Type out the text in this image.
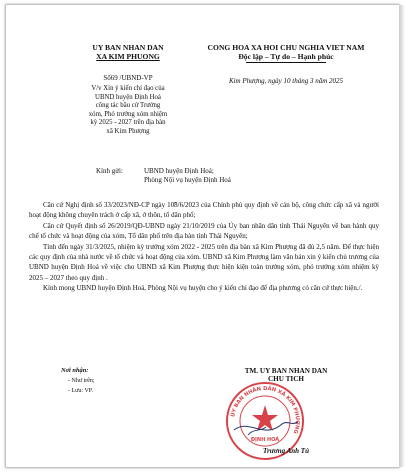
UY BAN NHAN DAN
XA KIM PHUONG
CONG HOA XA HOI CHU NGHIA VIET NAM
Độc lập – Tự do – Hạnh phúc
Số69 /UBND-VP	Kim Phượng, ngày 10 tháng 3 năm 2025
V/v Xin ý kiến chỉ đạo của
UBND huyện Định Hoá
công tác bầu cử Trưởng
xóm, Phó trưởng xóm nhiệm
kỳ 2025 - 2027 trên địa bàn
xã Kim Phượng
Kính gửi:	UBND huyện Định Hoá;
Phòng Nội vụ huyện Định Hoá

Căn cứ Nghị định số 33/2023/NĐ-CP ngày 10̃8/6/2023 của Chính phủ quy định về cán bộ, công chức cấp xã và người hoạt động không chuyên trách ở cấp xã, ở thôn, tổ dân phố;

Căn cứ Quyết định số 26/2019/QĐ-UBND ngày 21/10/2019 của Ủy ban nhân dân tỉnh Thái Nguyên về ban hành quy chế tổ chức và hoạt động của xóm, Tổ dân phố trên địa bàn tỉnh Thái Nguyên;

Tính đến ngày 31/3/2025, nhiệm kỳ trưởng xóm 2022 - 2025 trên địa bàn xã Kim Phượng đã đủ 2,5 năm. Để thực hiện các quy định của nhà nước về tổ chức và hoạt động của xóm. UBND xã Kim Phượng làm văn bản xin ý kiến chủ trương của UBND huyện Định Hoá về việc cho UBND xã Kim Phượng thực hiện kiện toàn trưởng xóm, phó trưởng xóm nhiệm kỳ 2025 – 2027 theo quy định .

Kính mong UBND huyện Định Hoá, Phòng Nội vụ huyện cho ý kiến chỉ đạo để địa phương có căn cứ thực hiện./.

Nơi nhận:
- Như trên;
- Lưu: VP.
TM. UY BAN NHAN DAN
CHU TICH
ỦY BAN NHÂN DÂN XÃ KIM PHƯỢNG
ĐỊNH HOÁ
Trương Anh Tú
